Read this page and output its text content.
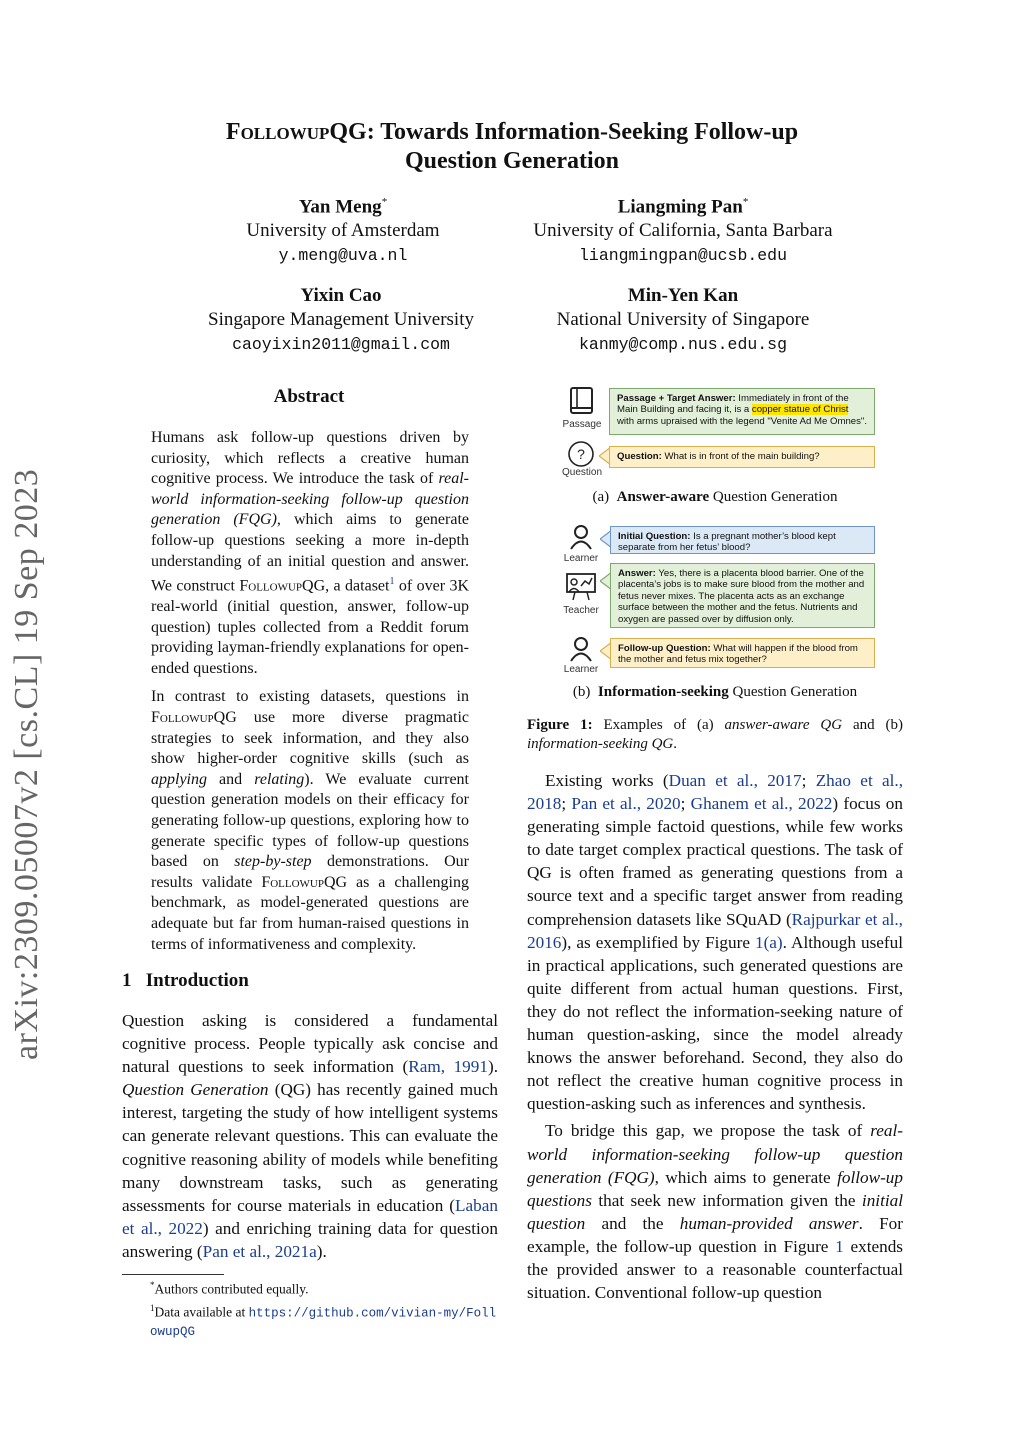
arXiv:2309.05007v2 [cs.CL] 19 Sep 2023
FollowupQG: Towards Information-Seeking Follow-up
Question Generation
Yan Meng*
University of Amsterdam
y.meng@uva.nl
Liangming Pan*
University of California, Santa Barbara
liangmingpan@ucsb.edu
Yixin Cao
Singapore Management University
caoyixin2011@gmail.com
Min-Yen Kan
National University of Singapore
kanmy@comp.nus.edu.sg
Abstract

Humans ask follow-up questions driven by curiosity, which reflects a creative human cognitive process. We introduce the task of real-world information-seeking follow-up question generation (FQG), which aims to generate follow-up questions seeking a more in-depth understanding of an initial question and answer. We construct FollowupQG, a dataset$^1$ of over 3K real-world (initial question, answer, follow-up question) tuples collected from a Reddit forum providing layman-friendly explanations for open-ended questions.

In contrast to existing datasets, questions in FollowupQG use more diverse pragmatic strategies to seek information, and they also show higher-order cognitive skills (such as applying and relating). We evaluate current question generation models on their efficacy for generating follow-up questions, exploring how to generate specific types of follow-up questions based on step-by-step demonstrations. Our results validate FollowupQG as a challenging benchmark, as model-generated questions are adequate but far from human-raised questions in terms of informativeness and complexity.

1 Introduction

Question asking is considered a fundamental cognitive process. People typically ask concise and natural questions to seek information (Ram, 1991). Question Generation (QG) has recently gained much interest, targeting the study of how intelligent systems can generate relevant questions. This can evaluate the cognitive reasoning ability of models while benefiting many downstream tasks, such as generating assessments for course materials in education (Laban et al., 2022) and enriching training data for question answering (Pan et al., 2021a).

*Authors contributed equally.
$^1$Data available at https://github.com/vivian-my/FollowupQG
Passage
Passage + Target Answer: Immediately in front of the Main Building and facing it, is a copper statue of Christ with arms upraised with the legend "Venite Ad Me Omnes".
?
Question
Question: What is in front of the main building?
(a) Answer-aware Question Generation
Learner
Initial Question: Is a pregnant mother’s blood kept separate from her fetus’ blood?
Teacher
Answer: Yes, there is a placenta blood barrier. One of the placenta’s jobs is to make sure blood from the mother and fetus never mixes. The placenta acts as an exchange surface between the mother and the fetus. Nutrients and oxygen are passed over by diffusion only.
Learner
Follow-up Question: What will happen if the blood from the mother and fetus mix together?
(b) Information-seeking Question Generation
Figure 1: Examples of (a) answer-aware QG and (b) information-seeking QG.

Existing works (Duan et al., 2017; Zhao et al., 2018; Pan et al., 2020; Ghanem et al., 2022) focus on generating simple factoid questions, while few works to date target complex practical questions. The task of QG is often framed as generating questions from a source text and a specific target answer from reading comprehension datasets like SQuAD (Rajpurkar et al., 2016), as exemplified by Figure 1(a). Although useful in practical applications, such generated questions are quite different from actual human questions. First, they do not reflect the information-seeking nature of human question-asking, since the model already knows the answer beforehand. Second, they also do not reflect the creative human cognitive process in question-asking such as inferences and synthesis.

To bridge this gap, we propose the task of real-world information-seeking follow-up question generation (FQG), which aims to generate follow-up questions that seek new information given the initial question and the human-provided answer. For example, the follow-up question in Figure 1 extends the provided answer to a reasonable counterfactual situation. Conventional follow-up question
